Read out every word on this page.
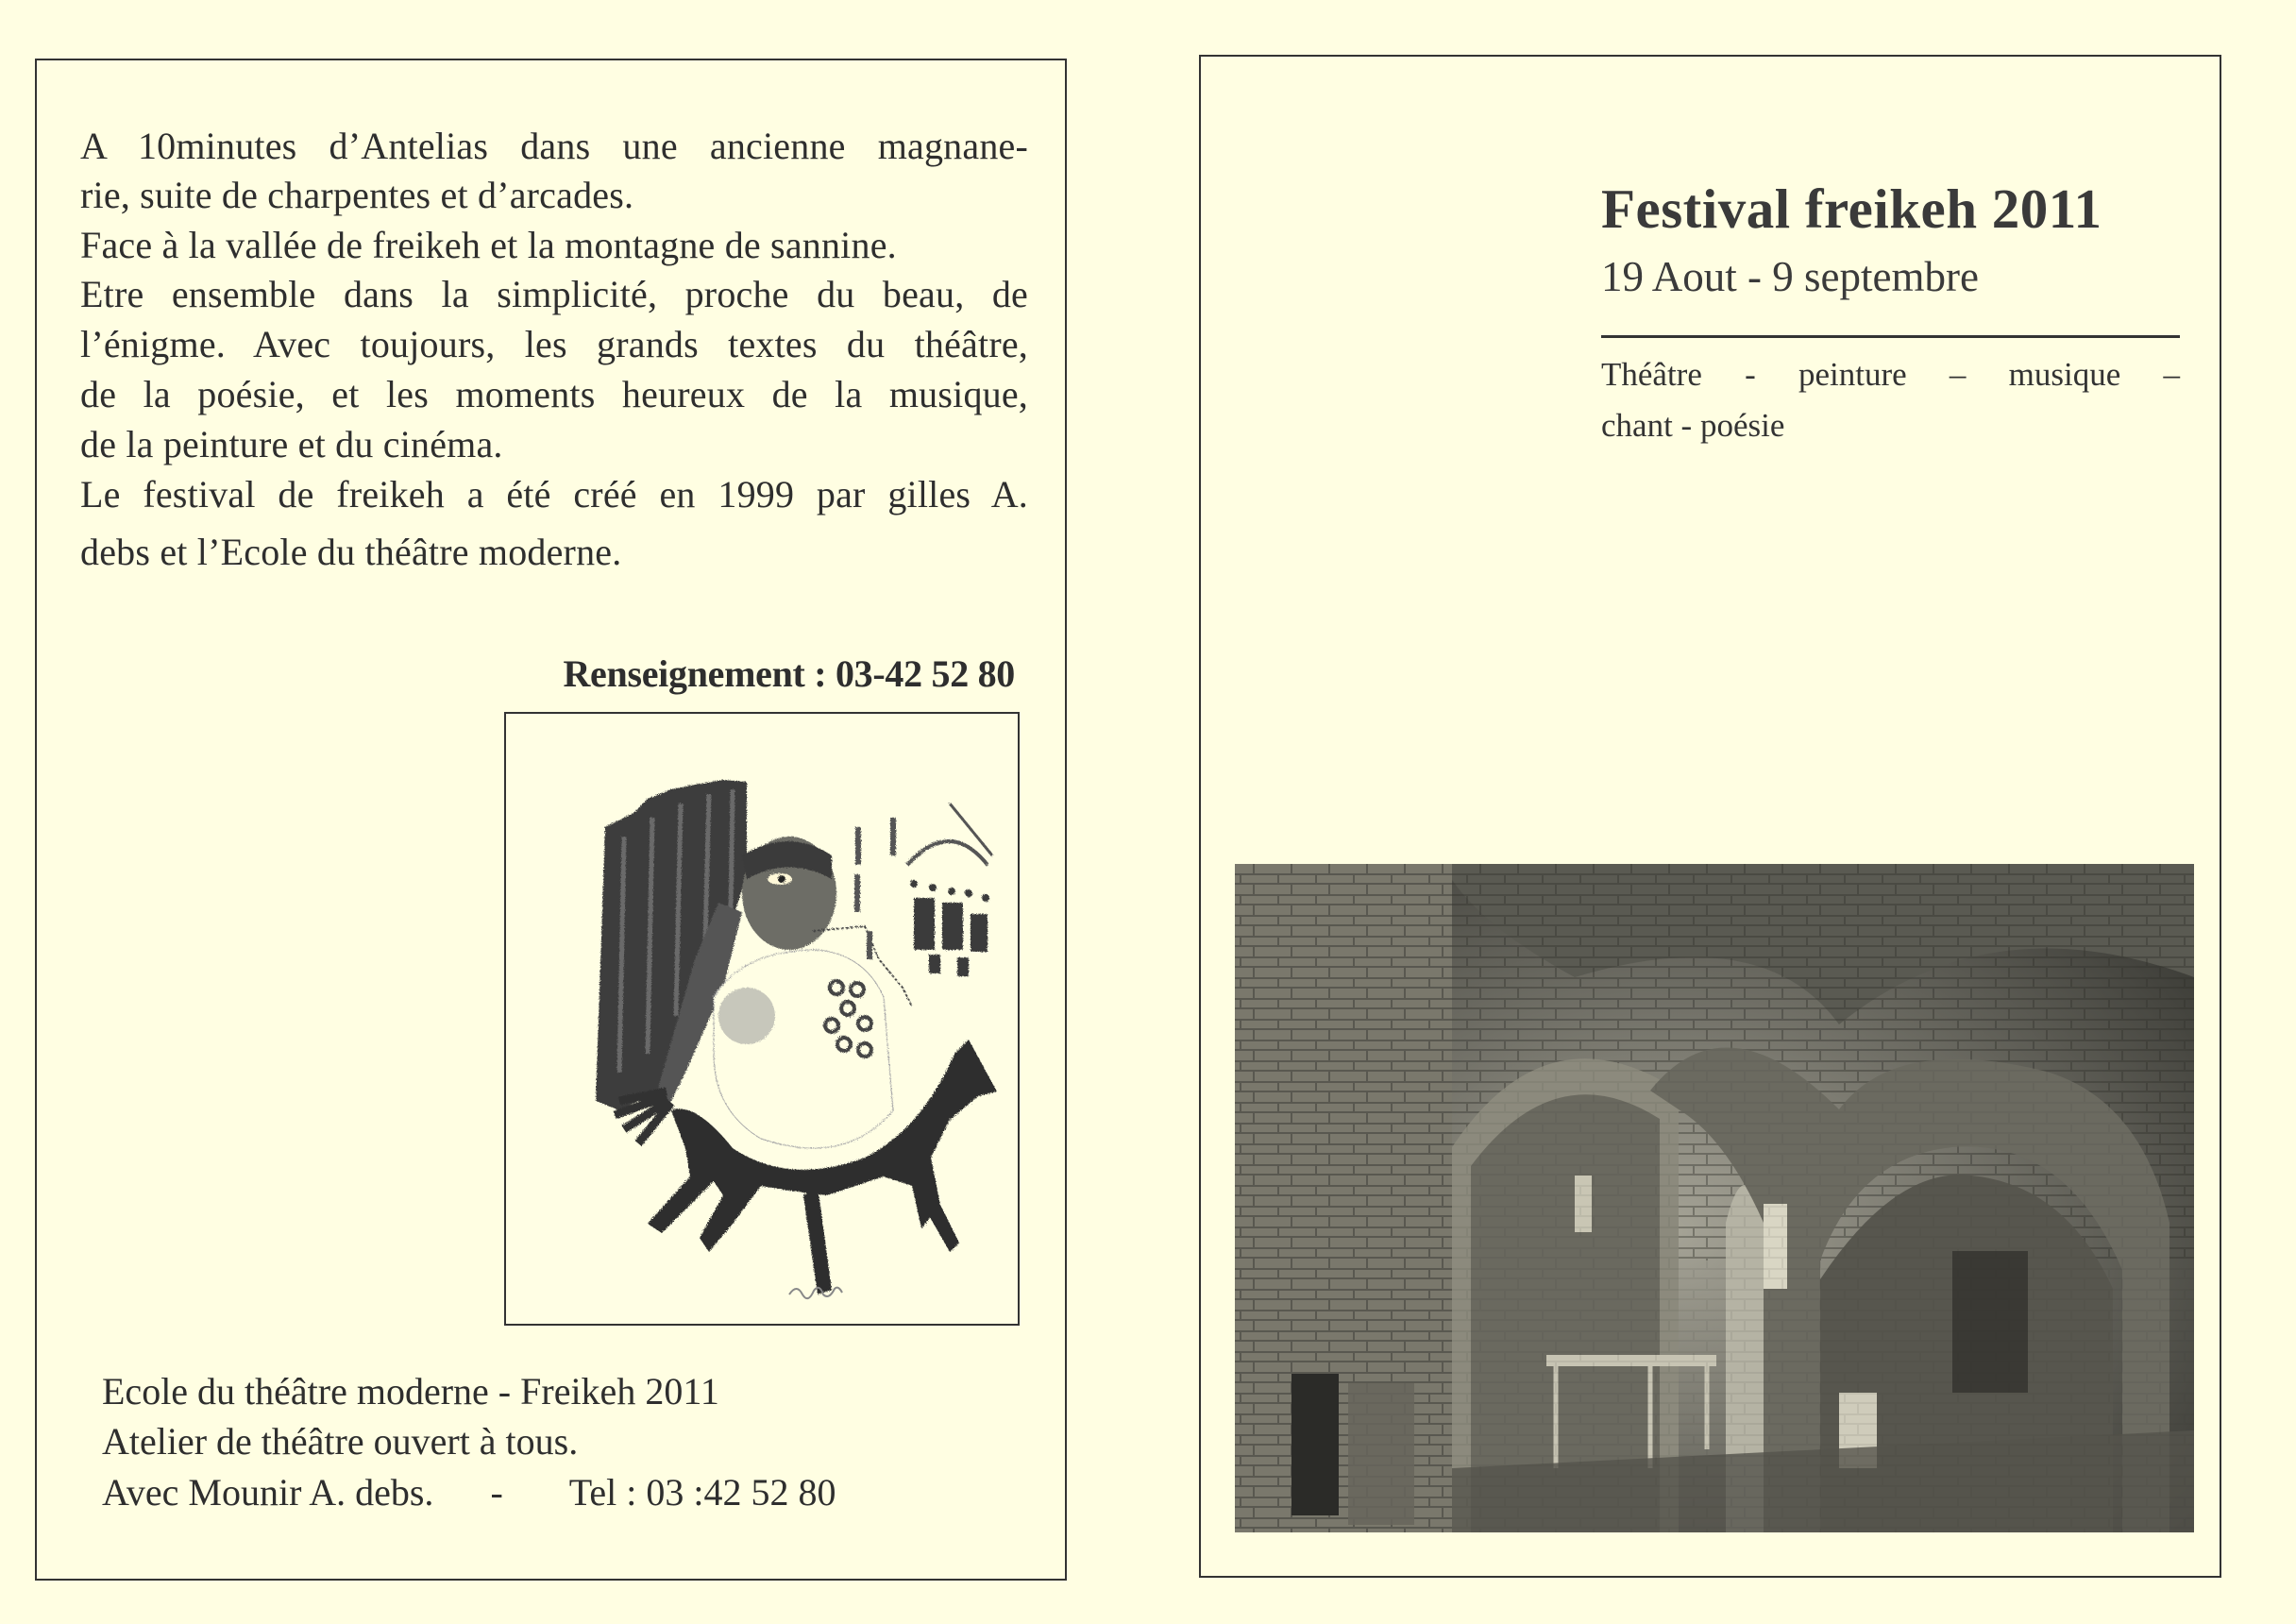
A 10minutes d’Antelias dans une ancienne magnane-
rie, suite de charpentes et d’arcades.
Face à la vallée de freikeh et la montagne de sannine.
Etre ensemble dans la simplicité, proche du beau, de
l’énigme. Avec toujours, les grands textes du théâtre,
de la poésie, et les moments heureux de la musique,
de la peinture et du cinéma.
Le festival de freikeh a été créé en 1999 par gilles A.
debs et l’Ecole du théâtre moderne.
Renseignement : 03-42 52 80
Ecole du théâtre moderne - Freikeh 2011
Atelier de théâtre ouvert à tous.
Avec Mounir A. debs. - Tel : 03 :42 52 80
Festival freikeh 2011
19 Aout - 9 septembre
Théâtre - peinture – musique –
chant - poésie
